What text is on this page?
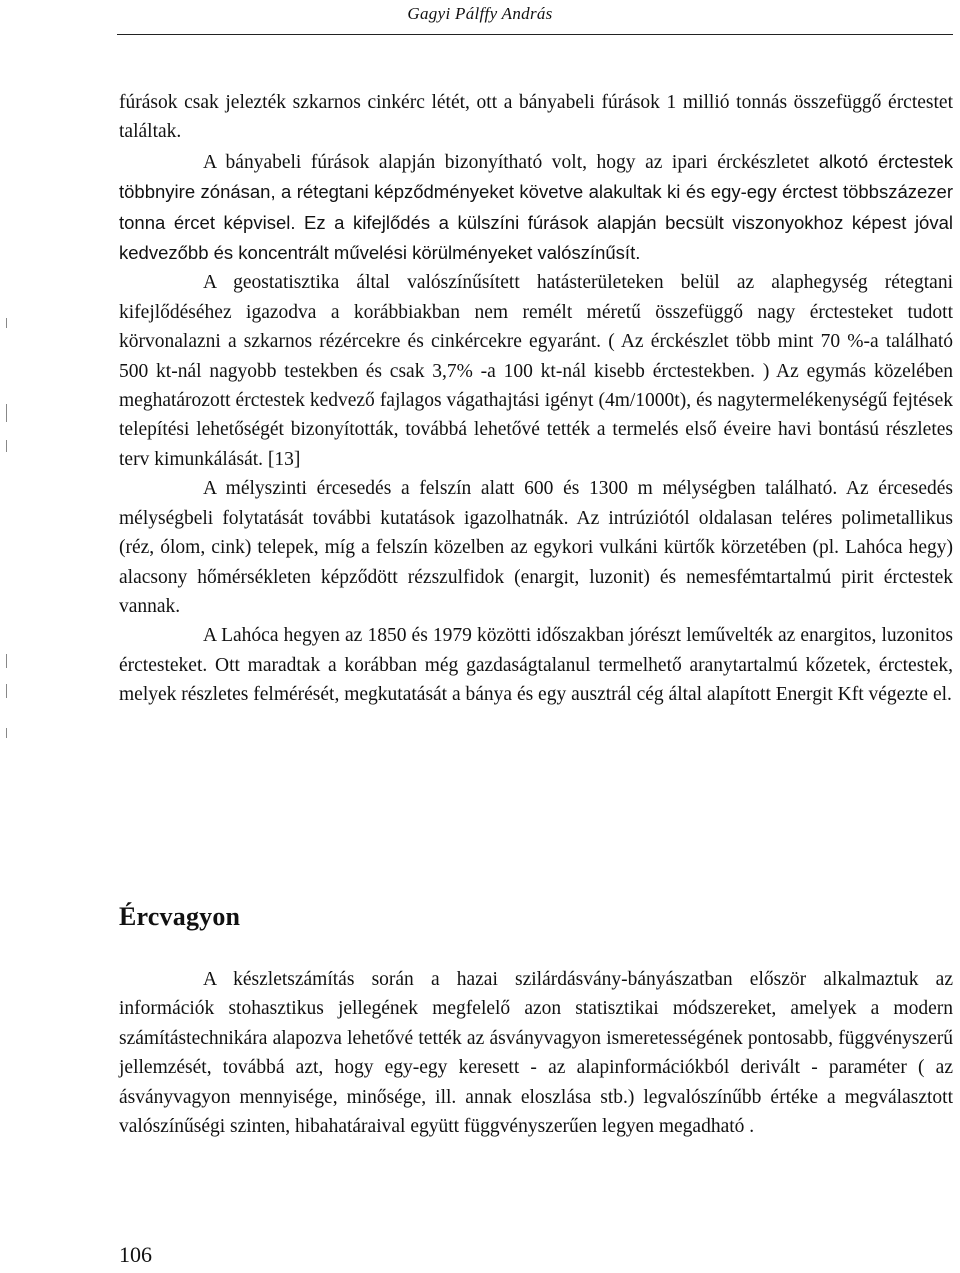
Gagyi Pálffy András

fúrások csak jelezték szkarnos cinkérc létét, ott a bányabeli fúrások 1 millió tonnás összefüggő érctestet találtak.

A bányabeli fúrások alapján bizonyítható volt, hogy az ipari érckészletet alkotó érctestek többnyire zónásan, a rétegtani képződményeket követve alakultak ki és egy-egy érctest többszázezer tonna ércet képvisel. Ez a kifejlődés a külszíni fúrások alapján becsült viszonyokhoz képest jóval kedvezőbb és koncentrált művelési körülményeket valószínűsít.

A geostatisztika által valószínűsített hatásterületeken belül az alaphegység rétegtani kifejlődéséhez igazodva a korábbiakban nem remélt méretű összefüggő nagy érctesteket tudott körvonalazni a szkarnos rézércekre és cinkércekre egyaránt. ( Az érckészlet több mint 70 %-a található 500 kt-nál nagyobb testekben és csak 3,7% -a 100 kt-nál kisebb érctestekben. ) Az egymás közelében meghatározott érctestek kedvező fajlagos vágathajtási igényt (4m/1000t), és nagytermelékenységű fejtések telepítési lehetőségét bizonyították, továbbá lehetővé tették a termelés első éveire havi bontású részletes terv kimunkálását. [13]

A mélyszinti ércesedés a felszín alatt 600 és 1300 m mélységben található. Az ércesedés mélységbeli folytatását további kutatások igazolhatnák. Az intrúziótól oldalasan teléres polimetallikus (réz, ólom, cink) telepek, míg a felszín közelben az egykori vulkáni kürtők körzetében (pl. Lahóca hegy) alacsony hőmérsékleten képződött rézszulfidok (enargit, luzonit) és nemesfémtartalmú pirit érctestek vannak.

A Lahóca hegyen az 1850 és 1979 közötti időszakban jórészt leművelték az enargitos, luzonitos érctesteket. Ott maradtak a korábban még gazdaságtalanul termelhető aranytartalmú kőzetek, érctestek, melyek részletes felmérését, megkutatását a bánya és egy ausztrál cég által alapított Energit Kft végezte el.

Ércvagyon

A készletszámítás során a hazai szilárdásvány-bányászatban először alkalmaztuk az információk stohasztikus jellegének megfelelő azon statisztikai módszereket, amelyek a modern számítástechnikára alapozva lehetővé tették az ásványvagyon ismeretességének pontosabb, függvényszerű jellemzését, továbbá azt, hogy egy-egy keresett - az alapinformációkból derivált - paraméter ( az ásványvagyon mennyisége, minősége, ill. annak eloszlása stb.) legvalószínűbb értéke a megválasztott valószínűségi szinten, hibahatáraival együtt függvényszerűen legyen megadható .

106
